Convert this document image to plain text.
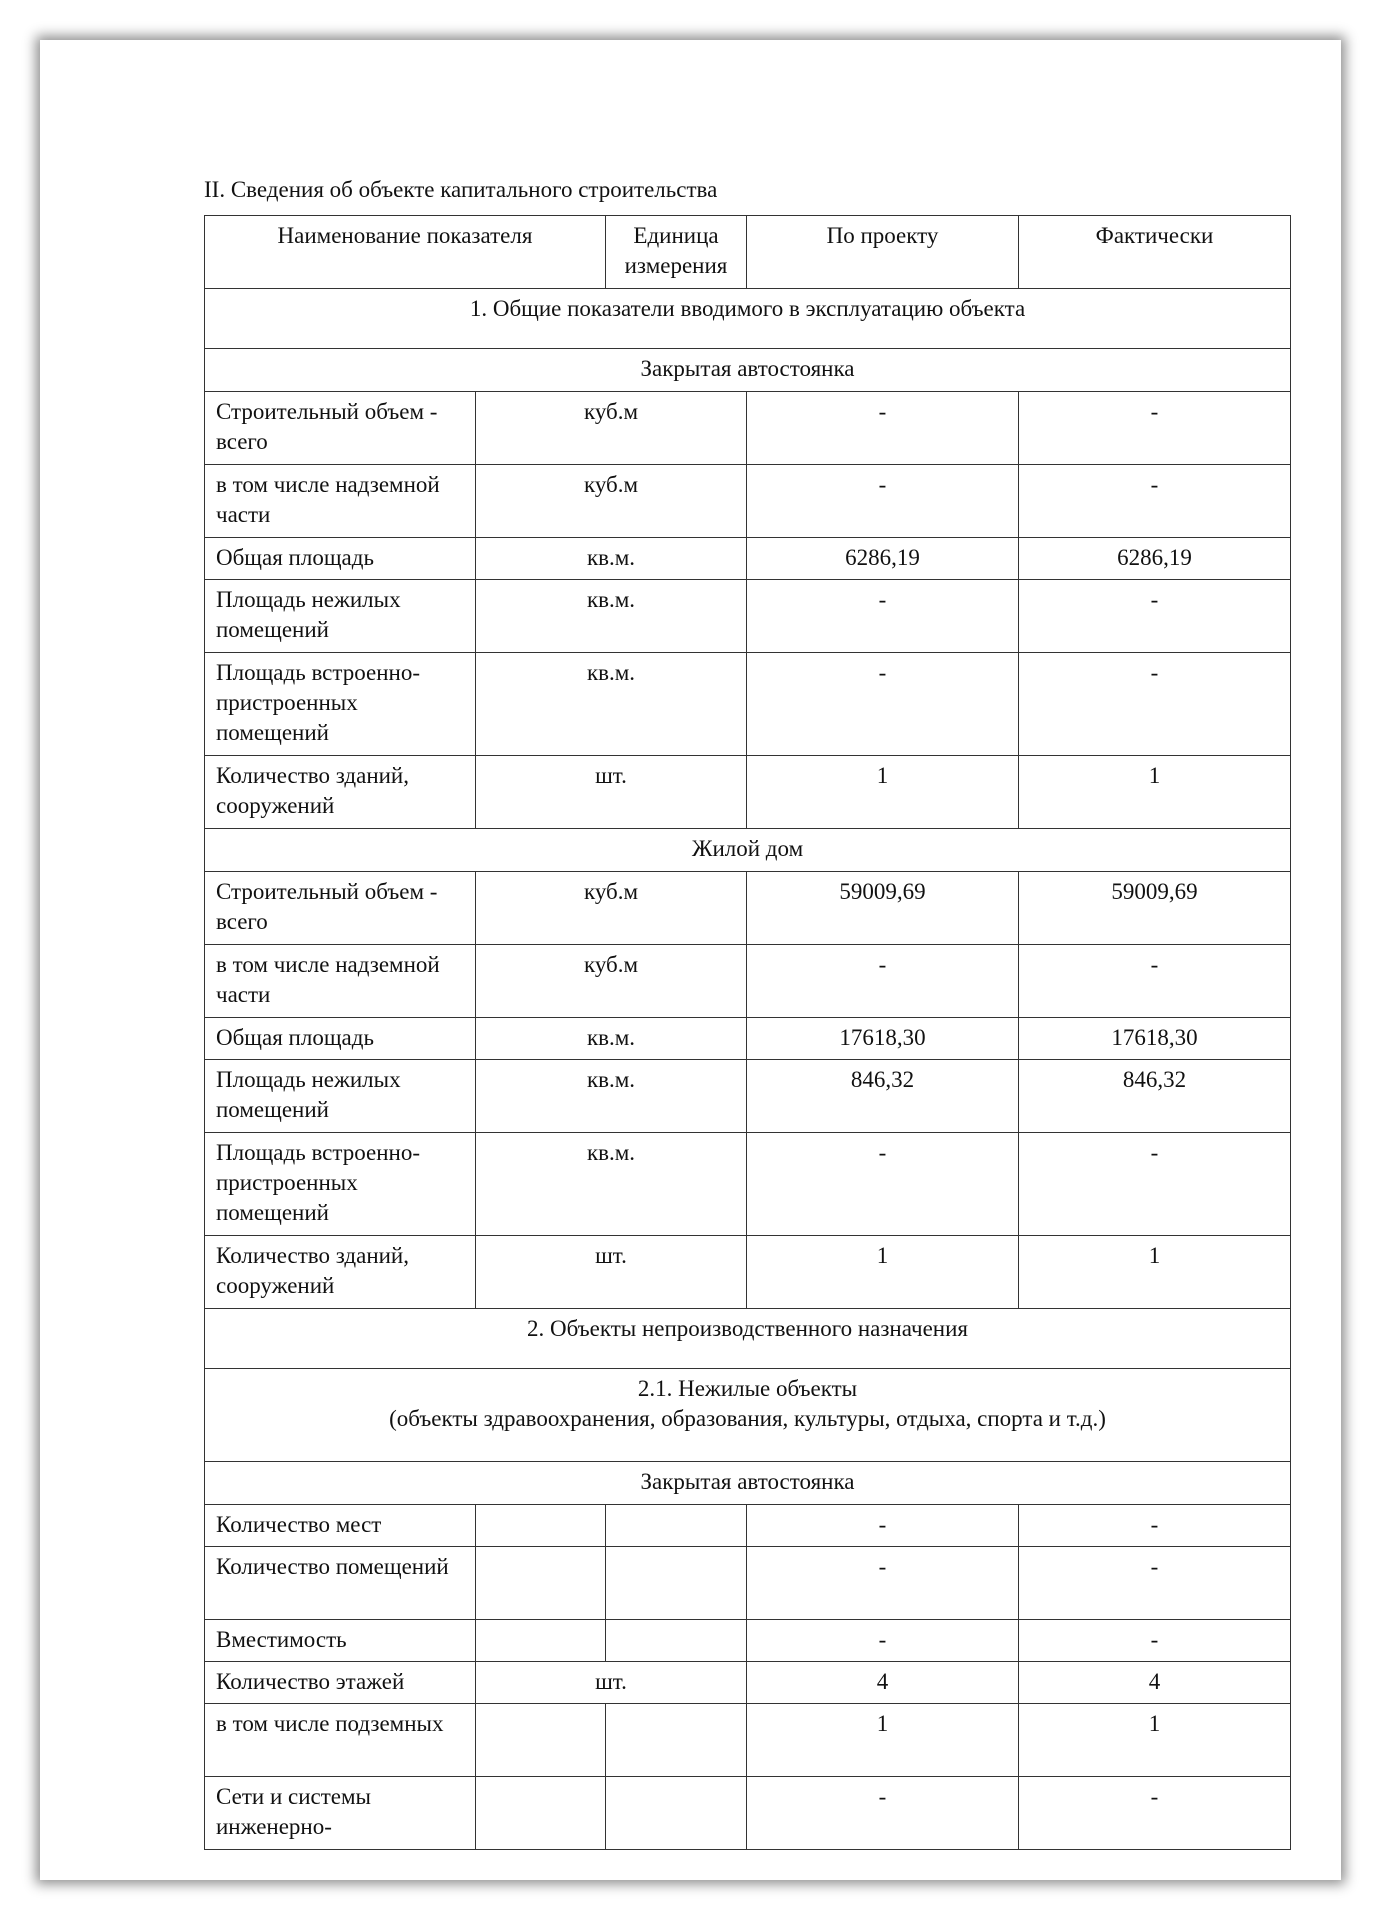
II. Сведения об объекте капитального строительства
Наименование показателя		Единица измерения	По проекту	Фактически
1. Общие показатели вводимого в эксплуатацию объекта				
Закрытая автостоянка				
Строительный объем - всего	куб.м		-	-
в том числе надземной части	куб.м		-	-
Общая площадь	кв.м.		6286,19	6286,19
Площадь нежилых помещений	кв.м.		-	-
Площадь встроенно-пристроенных помещений	кв.м.		-	-
Количество зданий, сооружений	шт.		1	1
Жилой дом				
Строительный объем - всего	куб.м		59009,69	59009,69
в том числе надземной части	куб.м		-	-
Общая площадь	кв.м.		17618,30	17618,30
Площадь нежилых помещений	кв.м.		846,32	846,32
Площадь встроенно-пристроенных помещений	кв.м.		-	-
Количество зданий, сооружений	шт.		1	1
2. Объекты непроизводственного назначения				

2.1. Нежилые объекты
(объекты здравоохранения, образования, культуры, отдыха, спорта и т.д.)				

Закрытая автостоянка				
Количество мест			-	-
Количество помещений			-	-
Вместимость			-	-
Количество этажей	шт.		4	4
в том числе подземных			1	1
Сети и системы инженерно-			-	-
